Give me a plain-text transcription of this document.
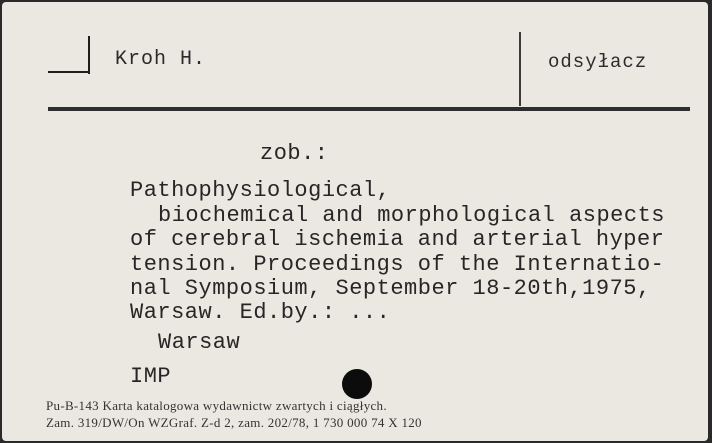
Kroh H.	odsyłacz
zob.:
Pathophysiological,
biochemical and morphological aspects
of cerebral ischemia and arterial hyper
tension. Proceedings of the Internatio-
nal Symposium, September 18-20th,1975,
Warsaw. Ed.by.: ...
Warsaw
IMP
Pu-B-143 Karta katalogowa wydawnictw zwartych i ciągłych.
Zam. 319/DW/On WZGraf. Z-d 2, zam. 202/78, 1 730 000 74 X 120
